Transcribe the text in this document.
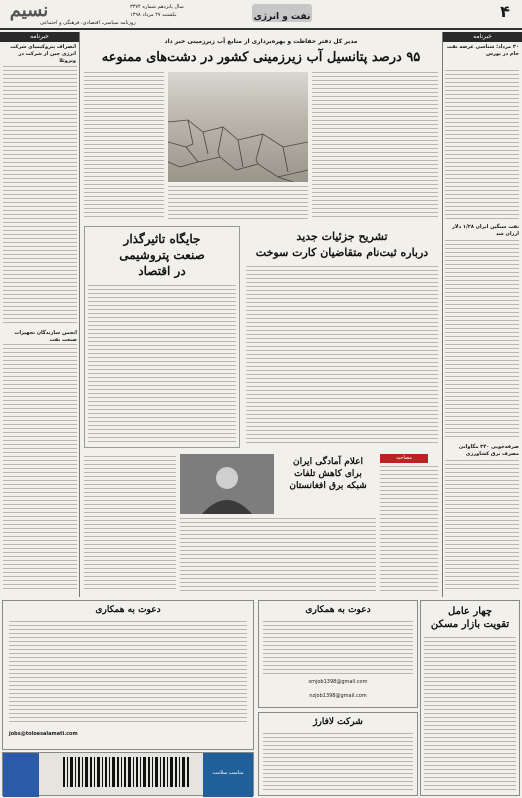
۴
نفت و انرژی
سال پانزدهم شماره ۳۳۷۴
یکشنبه ۲۷ مرداد ۱۳۹۸
روزنامه سیاسی، اقتصادی، فرهنگی و اجتماعی
نسیم
خبرنامه
۳۰ مرداد؛ شناسی عرضه نفت خام در بورس
نفت سنگین ایران ۱/۲۸ دلار ارزان شد
صرفه‌جویی ۳۴۰ مگاواتی مصرف برق کشاورزی
خبرنامه
انصراف پترو‌کیمیای شرکت انرژی چین از شرکت در ونزوئلا
انجمن سازندگان تجهیزات صنعت نفت
مدیر کل دفتر حفاظت و بهره‌برداری از منابع آب زیرزمینی خبر داد
۹۵ درصد پتانسیل آب زیرزمینی کشور در دشت‌های ممنوعه
تشریح جزئیات جدید
درباره ثبت‌نام متقاضیان کارت سوخت
جایگاه تاثیرگذار
صنعت پتروشیمی
در اقتصاد
مصاحبه
اعلام آمادگی ایران
برای کاهش تلفات
شبکه برق افغانستان
چهار عامل
تقویت بازار مسکن
دعوت به همکاری
smjob1398@gmail.com
nzjob1398@gmail.com
شرکت لافارژ
دعوت به همکاری
jobs@toloesalamati.com
مناسب سلامت
